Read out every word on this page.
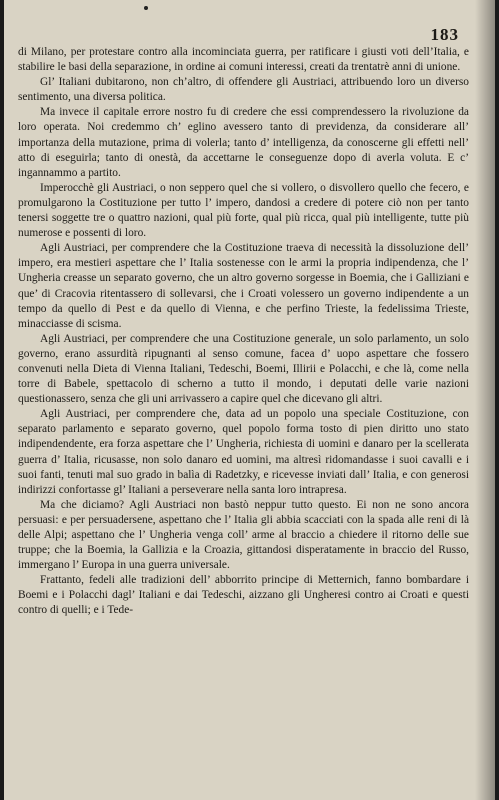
183

di Milano, per protestare contro alla incominciata guerra, per ratificare i giusti voti dell’Italia, e stabilire le basi della separazione, in ordine ai comuni interessi, creati da trentatrè anni di unione.

Gl’ Italiani dubitarono, non ch’altro, di offendere gli Austriaci, attribuendo loro un diverso sentimento, una diversa politica.

Ma invece il capitale errore nostro fu di credere che essi comprendessero la rivoluzione da loro operata. Noi credemmo ch’ eglino avessero tanto di previdenza, da considerare all’ importanza della mutazione, prima di volerla; tanto d’ intelligenza, da conoscerne gli effetti nell’ atto di eseguirla; tanto di onestà, da accettarne le conseguenze dopo di averla voluta. E c’ ingannammo a partito.

Imperocchè gli Austriaci, o non seppero quel che si vollero, o disvollero quello che fecero, e promulgarono la Costituzione per tutto l’ impero, dandosi a credere di potere ciò non per tanto tenersi soggette tre o quattro nazioni, qual più forte, qual più ricca, qual più intelligente, tutte più numerose e possenti di loro.

Agli Austriaci, per comprendere che la Costituzione traeva di necessità la dissoluzione dell’ impero, era mestieri aspettare che l’ Italia sostenesse con le armi la propria indipendenza, che l’ Ungheria creasse un separato governo, che un altro governo sorgesse in Boemia, che i Galliziani e que’ di Cracovia ritentassero di sollevarsi, che i Croati volessero un governo indipendente a un tempo da quello di Pest e da quello di Vienna, e che perfino Trieste, la fedelissima Trieste, minacciasse di scisma.

Agli Austriaci, per comprendere che una Costituzione generale, un solo parlamento, un solo governo, erano assurdità ripugnanti al senso comune, facea d’ uopo aspettare che fossero convenuti nella Dieta di Vienna Italiani, Tedeschi, Boemi, Illirii e Polacchi, e che là, come nella torre di Babele, spettacolo di scherno a tutto il mondo, i deputati delle varie nazioni questionassero, senza che gli uni arrivassero a capire quel che dicevano gli altri.

Agli Austriaci, per comprendere che, data ad un popolo una speciale Costituzione, con separato parlamento e separato governo, quel popolo forma tosto di pien diritto uno stato indipendendente, era forza aspettare che l’ Ungheria, richiesta di uomini e danaro per la scellerata guerra d’ Italia, ricusasse, non solo danaro ed uomini, ma altresì ridomandasse i suoi cavalli e i suoi fanti, tenuti mal suo grado in balìa di Radetzky, e ricevesse inviati dall’ Italia, e con generosi indirizzi confortasse gl’ Italiani a perseverare nella santa loro intrapresa.

Ma che diciamo? Agli Austriaci non bastò neppur tutto questo. Ei non ne sono ancora persuasi: e per persuadersene, aspettano che l’ Italia gli abbia scacciati con la spada alle reni di là delle Alpi; aspettano che l’ Ungheria venga coll’ arme al braccio a chiedere il ritorno delle sue truppe; che la Boemia, la Gallizia e la Croazia, gittandosi disperatamente in braccio del Russo, immergano l’ Europa in una guerra universale.

Frattanto, fedeli alle tradizioni dell’ abborrito principe di Metternich, fanno bombardare i Boemi e i Polacchi dagl’ Italiani e dai Tedeschi, aizzano gli Ungheresi contro ai Croati e questi contro di quelli; e i Tede-
